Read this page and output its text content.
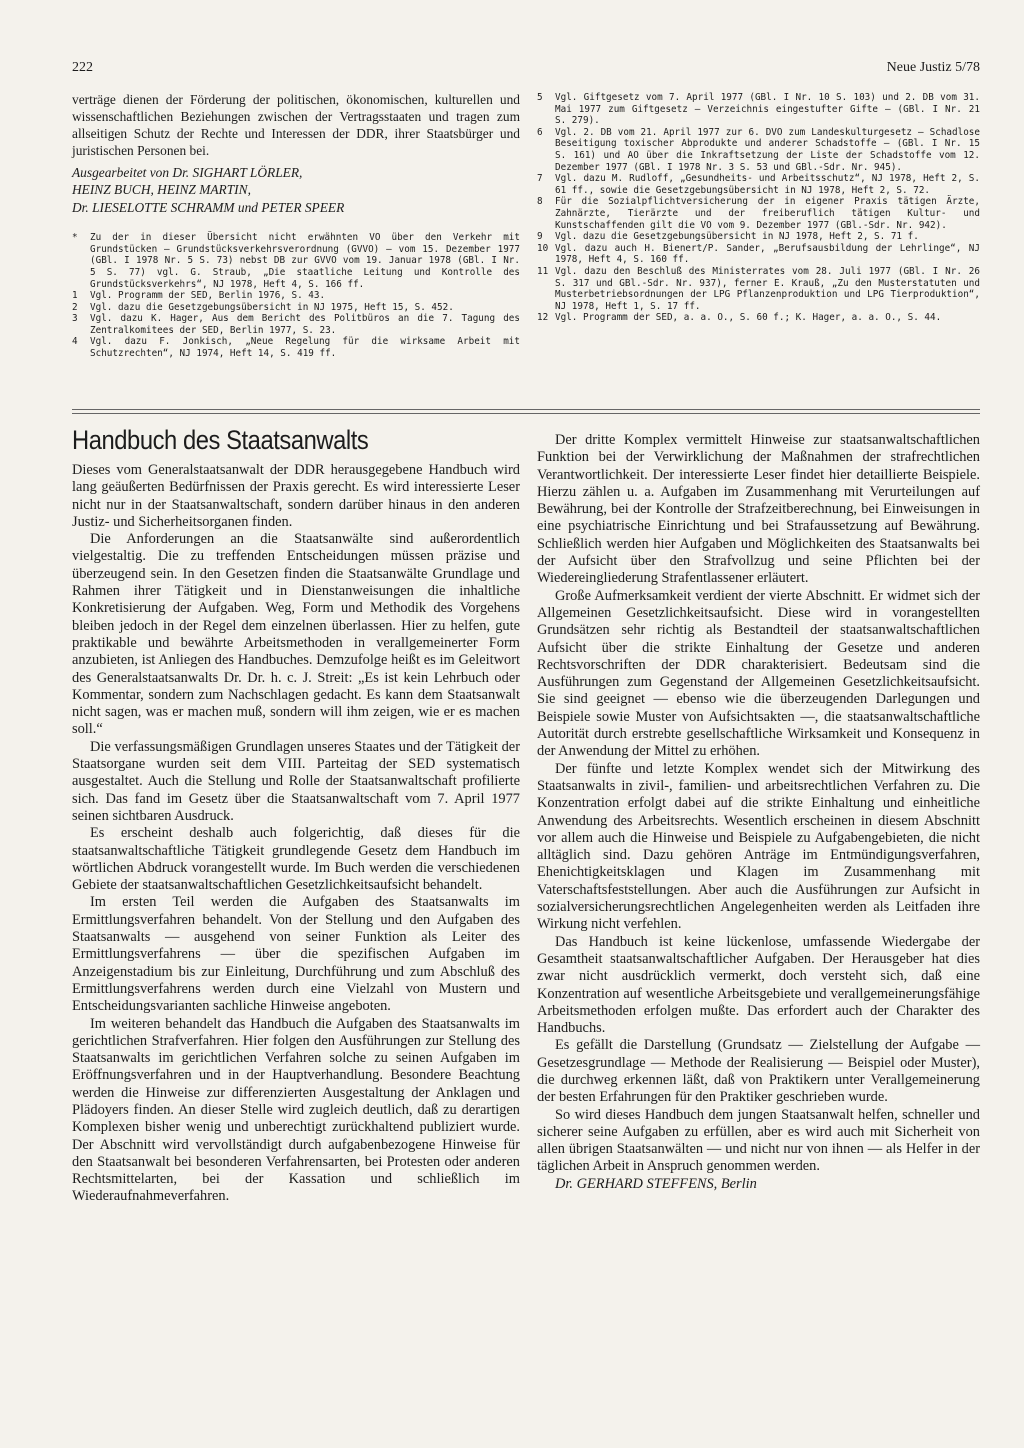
222	Neue Justiz 5/78

verträge dienen der Förderung der politischen, ökonomischen, kulturellen und wissenschaftlichen Beziehungen zwischen der Vertragsstaaten und tragen zum allseitigen Schutz der Rechte und Interessen der DDR, ihrer Staatsbürger und juristischen Personen bei.

Ausgearbeitet von Dr. SIGHART LÖRLER,
HEINZ BUCH, HEINZ MARTIN,
Dr. LIESELOTTE SCHRAMM und PETER SPEER
*	Zu der in dieser Übersicht nicht erwähnten VO über den Verkehr mit Grundstücken — Grundstücksverkehrsverordnung (GVVO) — vom 15. Dezember 1977 (GBl. I 1978 Nr. 5 S. 73) nebst DB zur GVVO vom 19. Januar 1978 (GBl. I Nr. 5 S. 77) vgl. G. Straub, „Die staatliche Leitung und Kontrolle des Grundstücksverkehrs“, NJ 1978, Heft 4, S. 166 ff.
1	Vgl. Programm der SED, Berlin 1976, S. 43.
2	Vgl. dazu die Gesetzgebungsübersicht in NJ 1975, Heft 15, S. 452.
3	Vgl. dazu K. Hager, Aus dem Bericht des Politbüros an die 7. Tagung des Zentralkomitees der SED, Berlin 1977, S. 23.
4	Vgl. dazu F. Jonkisch, „Neue Regelung für die wirksame Arbeit mit Schutzrechten“, NJ 1974, Heft 14, S. 419 ff.
5	Vgl. Giftgesetz vom 7. April 1977 (GBl. I Nr. 10 S. 103) und 2. DB vom 31. Mai 1977 zum Giftgesetz — Verzeichnis eingestufter Gifte — (GBl. I Nr. 21 S. 279).
6	Vgl. 2. DB vom 21. April 1977 zur 6. DVO zum Landeskulturgesetz — Schadlose Beseitigung toxischer Abprodukte und anderer Schadstoffe — (GBl. I Nr. 15 S. 161) und AO über die Inkraftsetzung der Liste der Schadstoffe vom 12. Dezember 1977 (GBl. I 1978 Nr. 3 S. 53 und GBl.-Sdr. Nr. 945).
7	Vgl. dazu M. Rudloff, „Gesundheits- und Arbeitsschutz“, NJ 1978, Heft 2, S. 61 ff., sowie die Gesetzgebungsübersicht in NJ 1978, Heft 2, S. 72.
8	Für die Sozialpflichtversicherung der in eigener Praxis tätigen Ärzte, Zahnärzte, Tierärzte und der freiberuflich tätigen Kultur- und Kunstschaffenden gilt die VO vom 9. Dezember 1977 (GBl.-Sdr. Nr. 942).
9	Vgl. dazu die Gesetzgebungsübersicht in NJ 1978, Heft 2, S. 71 f.
10 Vgl. dazu auch H. Bienert/P. Sander, „Berufsausbildung der Lehrlinge“, NJ 1978, Heft 4, S. 160 ff.
11 Vgl. dazu den Beschluß des Ministerrates vom 28. Juli 1977 (GBl. I Nr. 26 S. 317 und GBl.-Sdr. Nr. 937), ferner E. Krauß, „Zu den Musterstatuten und Musterbetriebsordnungen der LPG Pflanzenproduktion und LPG Tierproduktion“, NJ 1978, Heft 1, S. 17 ff.
12 Vgl. Programm der SED, a. a. O., S. 60 f.; K. Hager, a. a. O., S. 44.
Handbuch des Staatsanwalts

Dieses vom Generalstaatsanwalt der DDR herausgegebene Handbuch wird lang geäußerten Bedürfnissen der Praxis gerecht. Es wird interessierte Leser nicht nur in der Staatsanwaltschaft, sondern darüber hinaus in den anderen Justiz- und Sicherheitsorganen finden.

Die Anforderungen an die Staatsanwälte sind außerordentlich vielgestaltig. Die zu treffenden Entscheidungen müssen präzise und überzeugend sein. In den Gesetzen finden die Staatsanwälte Grundlage und Rahmen ihrer Tätigkeit und in Dienstanweisungen die inhaltliche Konkretisierung der Aufgaben. Weg, Form und Methodik des Vorgehens bleiben jedoch in der Regel dem einzelnen überlassen. Hier zu helfen, gute praktikable und bewährte Arbeitsmethoden in verallgemeinerter Form anzubieten, ist Anliegen des Handbuches. Demzufolge heißt es im Geleitwort des Generalstaatsanwalts Dr. Dr. h. c. J. Streit: „Es ist kein Lehrbuch oder Kommentar, sondern zum Nachschlagen gedacht. Es kann dem Staatsanwalt nicht sagen, was er machen muß, sondern will ihm zeigen, wie er es machen soll.“

Die verfassungsmäßigen Grundlagen unseres Staates und der Tätigkeit der Staatsorgane wurden seit dem VIII. Parteitag der SED systematisch ausgestaltet. Auch die Stellung und Rolle der Staatsanwaltschaft profilierte sich. Das fand im Gesetz über die Staatsanwaltschaft vom 7. April 1977 seinen sichtbaren Ausdruck.

Es erscheint deshalb auch folgerichtig, daß dieses für die staatsanwaltschaftliche Tätigkeit grundlegende Gesetz dem Handbuch im wörtlichen Abdruck vorangestellt wurde. Im Buch werden die verschiedenen Gebiete der staatsanwaltschaftlichen Gesetzlichkeitsaufsicht behandelt.

Im ersten Teil werden die Aufgaben des Staatsanwalts im Ermittlungsverfahren behandelt. Von der Stellung und den Aufgaben des Staatsanwalts — ausgehend von seiner Funktion als Leiter des Ermittlungsverfahrens — über die spezifischen Aufgaben im Anzeigenstadium bis zur Einleitung, Durchführung und zum Abschluß des Ermittlungsverfahrens werden durch eine Vielzahl von Mustern und Entscheidungsvarianten sachliche Hinweise angeboten.

Im weiteren behandelt das Handbuch die Aufgaben des Staatsanwalts im gerichtlichen Strafverfahren. Hier folgen den Ausführungen zur Stellung des Staatsanwalts im gerichtlichen Verfahren solche zu seinen Aufgaben im Eröffnungsverfahren und in der Hauptverhandlung. Besondere Beachtung werden die Hinweise zur differenzierten Ausgestaltung der Anklagen und Plädoyers finden. An dieser Stelle wird zugleich deutlich, daß zu derartigen Komplexen bisher wenig und unberechtigt zurückhaltend publiziert wurde. Der Abschnitt wird vervollständigt durch aufgabenbezogene Hinweise für den Staatsanwalt bei besonderen Verfahrensarten, bei Protesten oder anderen Rechtsmittelarten, bei der Kassation und schließlich im Wiederaufnahmeverfahren.

Der dritte Komplex vermittelt Hinweise zur staatsanwaltschaftlichen Funktion bei der Verwirklichung der Maßnahmen der strafrechtlichen Verantwortlichkeit. Der interessierte Leser findet hier detaillierte Beispiele. Hierzu zählen u. a. Aufgaben im Zusammenhang mit Verurteilungen auf Bewährung, bei der Kontrolle der Strafzeitberechnung, bei Einweisungen in eine psychiatrische Einrichtung und bei Strafaussetzung auf Bewährung. Schließlich werden hier Aufgaben und Möglichkeiten des Staatsanwalts bei der Aufsicht über den Strafvollzug und seine Pflichten bei der Wiedereingliederung Strafentlassener erläutert.

Große Aufmerksamkeit verdient der vierte Abschnitt. Er widmet sich der Allgemeinen Gesetzlichkeitsaufsicht. Diese wird in vorangestellten Grundsätzen sehr richtig als Bestandteil der staatsanwaltschaftlichen Aufsicht über die strikte Einhaltung der Gesetze und anderen Rechtsvorschriften der DDR charakterisiert. Bedeutsam sind die Ausführungen zum Gegenstand der Allgemeinen Gesetzlichkeitsaufsicht. Sie sind geeignet — ebenso wie die überzeugenden Darlegungen und Beispiele sowie Muster von Aufsichtsakten —, die staatsanwaltschaftliche Autorität durch erstrebte gesellschaftliche Wirksamkeit und Konsequenz in der Anwendung der Mittel zu erhöhen.

Der fünfte und letzte Komplex wendet sich der Mitwirkung des Staatsanwalts in zivil-, familien- und arbeitsrechtlichen Verfahren zu. Die Konzentration erfolgt dabei auf die strikte Einhaltung und einheitliche Anwendung des Arbeitsrechts. Wesentlich erscheinen in diesem Abschnitt vor allem auch die Hinweise und Beispiele zu Aufgabengebieten, die nicht alltäglich sind. Dazu gehören Anträge im Entmündigungsverfahren, Ehenichtigkeitsklagen und Klagen im Zusammenhang mit Vaterschaftsfeststellungen. Aber auch die Ausführungen zur Aufsicht in sozialversicherungsrechtlichen Angelegenheiten werden als Leitfaden ihre Wirkung nicht verfehlen.

Das Handbuch ist keine lückenlose, umfassende Wiedergabe der Gesamtheit staatsanwaltschaftlicher Aufgaben. Der Herausgeber hat dies zwar nicht ausdrücklich vermerkt, doch versteht sich, daß eine Konzentration auf wesentliche Arbeitsgebiete und verallgemeinerungsfähige Arbeitsmethoden erfolgen mußte. Das erfordert auch der Charakter des Handbuchs.

Es gefällt die Darstellung (Grundsatz — Zielstellung der Aufgabe — Gesetzesgrundlage — Methode der Realisierung — Beispiel oder Muster), die durchweg erkennen läßt, daß von Praktikern unter Verallgemeinerung der besten Erfahrungen für den Praktiker geschrieben wurde.

So wird dieses Handbuch dem jungen Staatsanwalt helfen, schneller und sicherer seine Aufgaben zu erfüllen, aber es wird auch mit Sicherheit von allen übrigen Staatsanwälten — und nicht nur von ihnen — als Helfer in der täglichen Arbeit in Anspruch genommen werden.

Dr. GERHARD STEFFENS, Berlin
